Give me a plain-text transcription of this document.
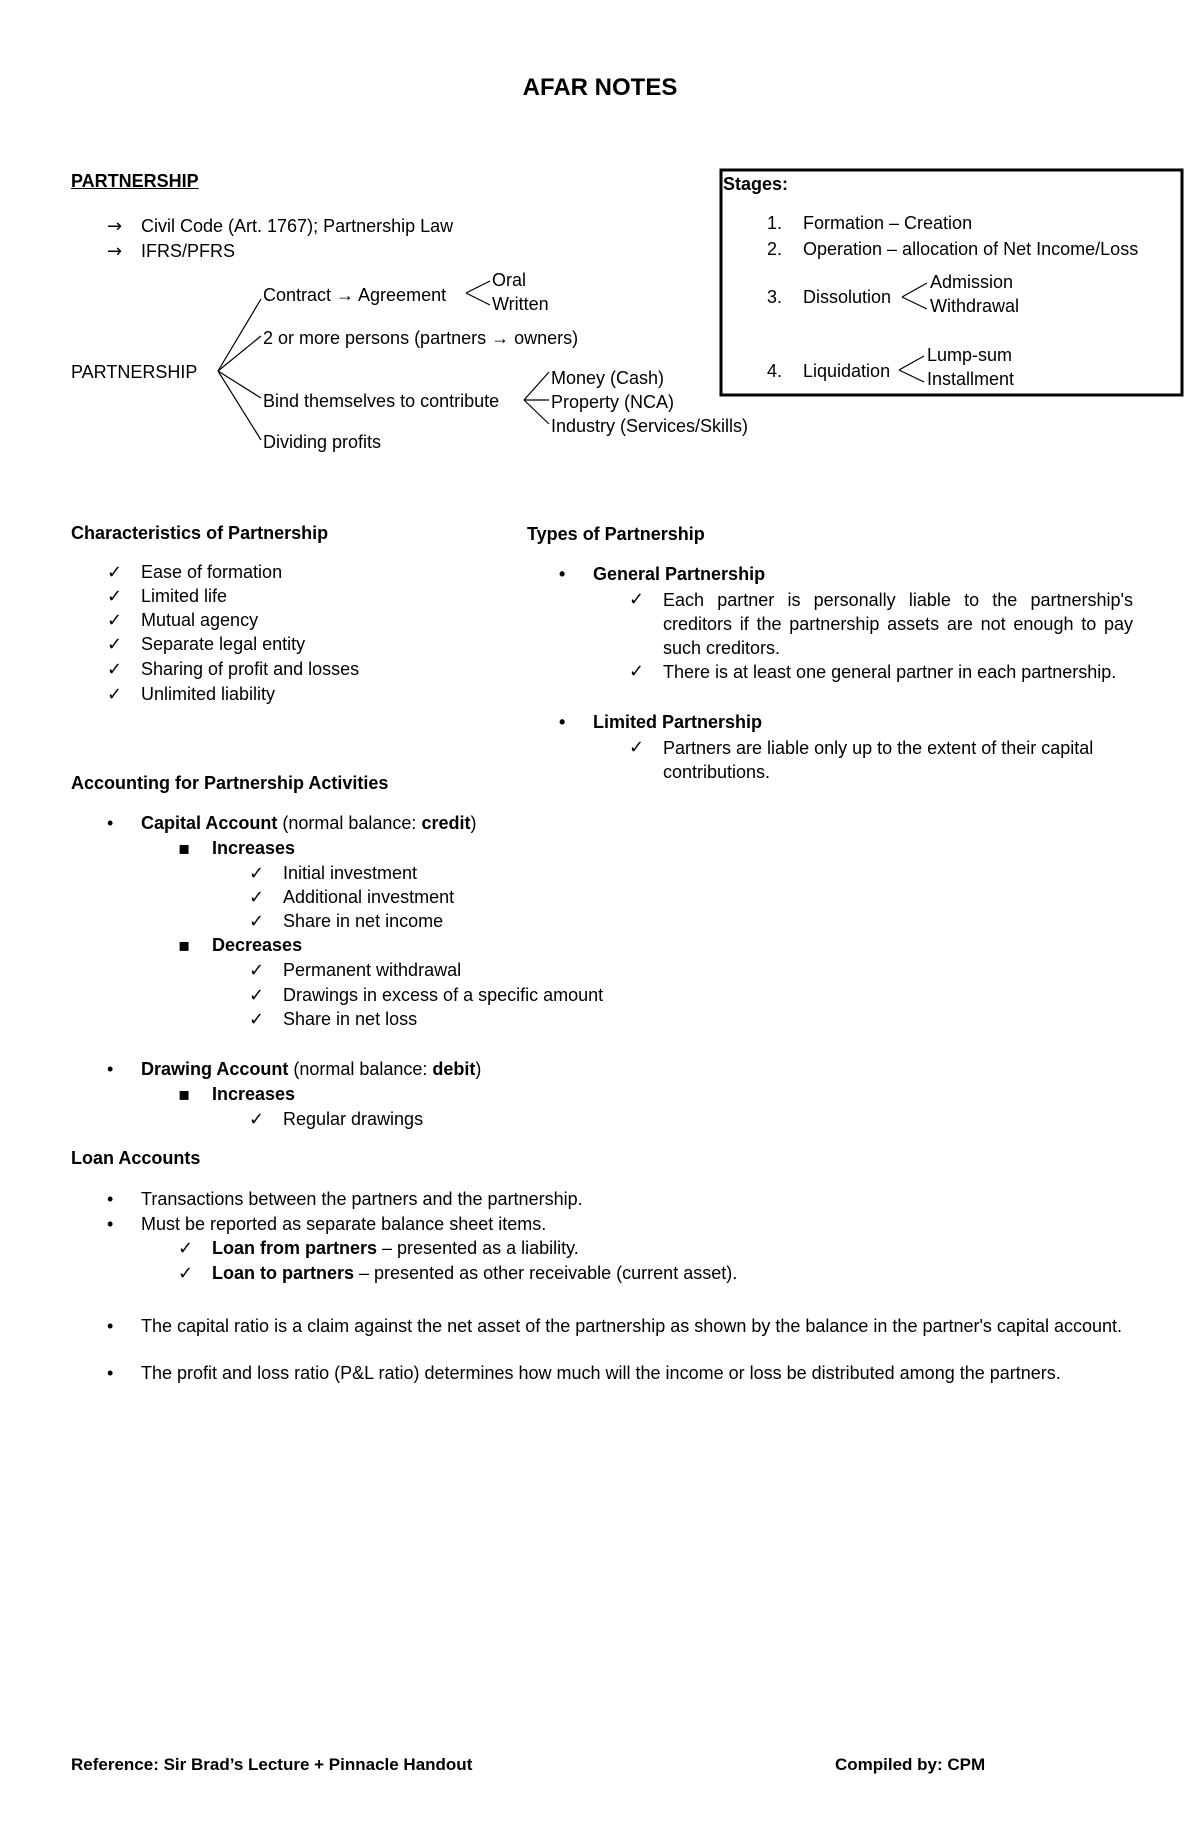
AFAR NOTES
PARTNERSHIP
→ Civil Code (Art. 1767); Partnership Law
→ IFRS/PFRS
PARTNERSHIP
Contract → Agreement
Oral
Written
2 or more persons (partners → owners)
Bind themselves to contribute
Money (Cash)
Property (NCA)
Industry (Services/Skills)
Dividing profits
Stages:
1. Formation – Creation
2. Operation – allocation of Net Income/Loss
3. Dissolution
Admission
Withdrawal
4. Liquidation
Lump-sum
Installment
Characteristics of Partnership
✓ Ease of formation
✓ Limited life
✓ Mutual agency
✓ Separate legal entity
✓ Sharing of profit and losses
✓ Unlimited liability
Types of Partnership
• General Partnership
✓ Each partner is personally liable to the partnership's creditors if the partnership assets are not enough to pay such creditors.
✓ There is at least one general partner in each partnership.
• Limited Partnership
✓ Partners are liable only up to the extent of their capital contributions.
Accounting for Partnership Activities
• Capital Account (normal balance: credit)
▪ Increases
✓ Initial investment
✓ Additional investment
✓ Share in net income
▪ Decreases
✓ Permanent withdrawal
✓ Drawings in excess of a specific amount
✓ Share in net loss
• Drawing Account (normal balance: debit)
▪ Increases
✓ Regular drawings
Loan Accounts
• Transactions between the partners and the partnership.
• Must be reported as separate balance sheet items.
✓ Loan from partners – presented as a liability.
✓ Loan to partners – presented as other receivable (current asset).
• The capital ratio is a claim against the net asset of the partnership as shown by the balance in the partner's capital account.
• The profit and loss ratio (P&L ratio) determines how much will the income or loss be distributed among the partners.
Reference: Sir Brad’s Lecture + Pinnacle Handout	Compiled by: CPM
